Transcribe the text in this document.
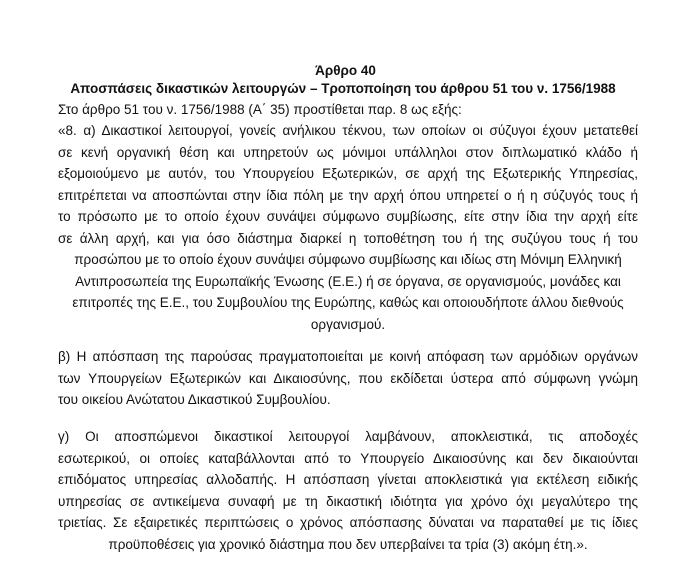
Άρθρο 40
Αποσπάσεις δικαστικών λειτουργών – Τροποποίηση του άρθρου 51 του ν. 1756/1988
Στο άρθρο 51 του ν. 1756/1988 (Α΄ 35) προστίθεται παρ. 8 ως εξής:
«8. α) Δικαστικοί λειτουργοί, γονείς ανήλικου τέκνου, των οποίων οι σύζυγοι έχουν μετατεθεί
σε κενή οργανική θέση και υπηρετούν ως μόνιμοι υπάλληλοι στον διπλωματικό κλάδο ή
εξομοιούμενο με αυτόν, του Υπουργείου Εξωτερικών, σε αρχή της Εξωτερικής Υπηρεσίας,
επιτρέπεται να αποσπώνται στην ίδια πόλη με την αρχή όπου υπηρετεί ο ή η σύζυγός τους ή
το πρόσωπο με το οποίο έχουν συνάψει σύμφωνο συμβίωσης, είτε στην ίδια την αρχή είτε
σε άλλη αρχή, και για όσο διάστημα διαρκεί η τοποθέτηση του ή της συζύγου τους ή του
προσώπου με το οποίο έχουν συνάψει σύμφωνο συμβίωσης και ιδίως στη Μόνιμη Ελληνική
Αντιπροσωπεία της Ευρωπαϊκής Ένωσης (Ε.Ε.) ή σε όργανα, σε οργανισμούς, μονάδες και
επιτροπές της Ε.Ε., του Συμβουλίου της Ευρώπης, καθώς και οποιουδήποτε άλλου διεθνούς
οργανισμού.
β) Η απόσπαση της παρούσας πραγματοποιείται με κοινή απόφαση των αρμόδιων οργάνων
των Υπουργείων Εξωτερικών και Δικαιοσύνης, που εκδίδεται ύστερα από σύμφωνη γνώμη
του οικείου Ανώτατου Δικαστικού Συμβουλίου.
γ) Οι αποσπώμενοι δικαστικοί λειτουργοί λαμβάνουν, αποκλειστικά, τις αποδοχές
εσωτερικού, οι οποίες καταβάλλονται από το Υπουργείο Δικαιοσύνης και δεν δικαιούνται
επιδόματος υπηρεσίας αλλοδαπής. Η απόσπαση γίνεται αποκλειστικά για εκτέλεση ειδικής
υπηρεσίας σε αντικείμενα συναφή με τη δικαστική ιδιότητα για χρόνο όχι μεγαλύτερο της
τριετίας. Σε εξαιρετικές περιπτώσεις ο χρόνος απόσπασης δύναται να παραταθεί με τις ίδιες
προϋποθέσεις για χρονικό διάστημα που δεν υπερβαίνει τα τρία (3) ακόμη έτη.».
